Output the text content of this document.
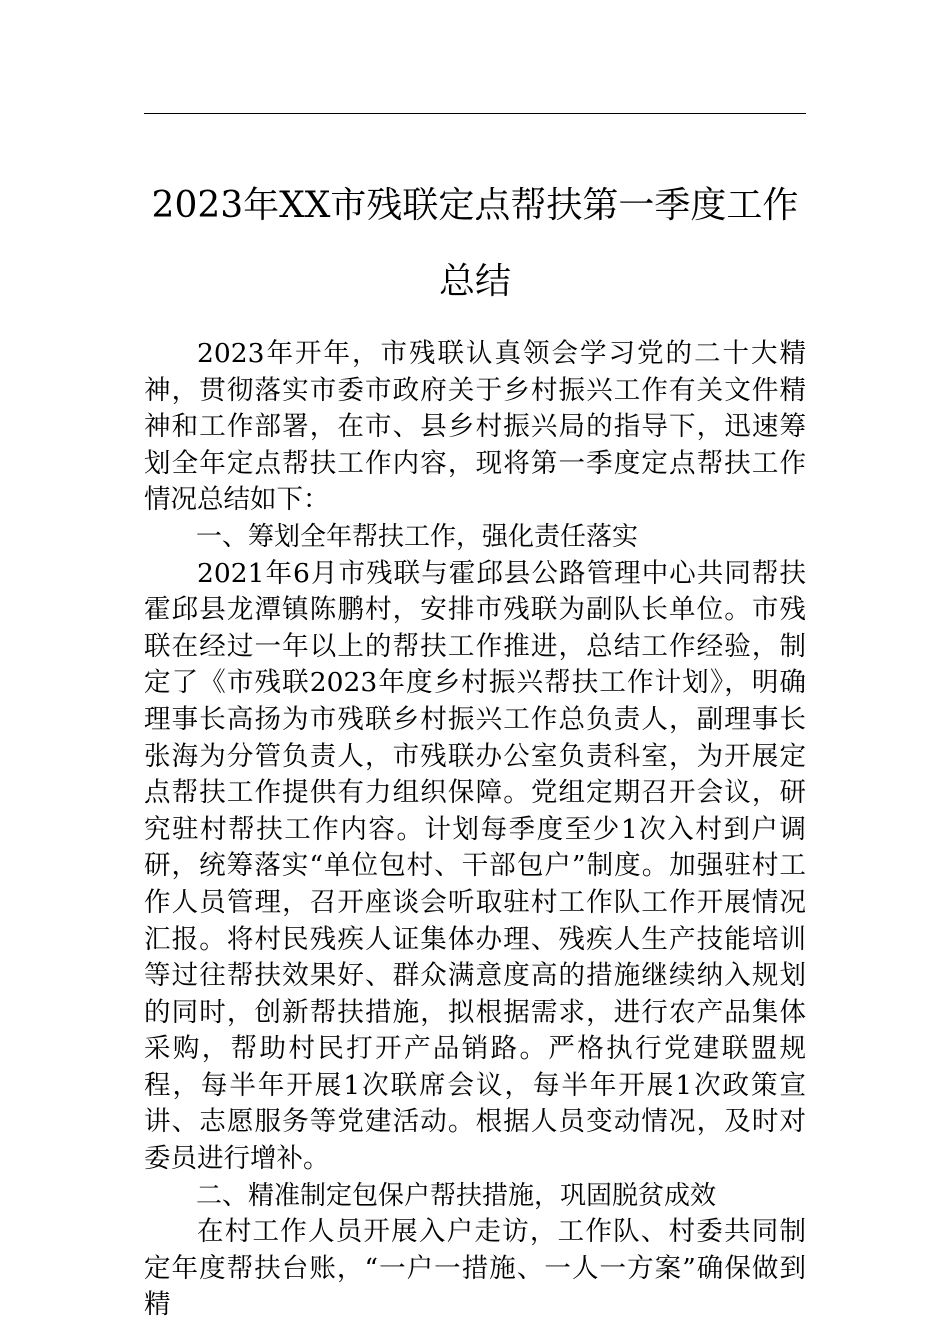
2023年XX市残联定点帮扶第一季度工作
总结

2023年开年，市残联认真领会学习党的二十大精神，贯彻落实市委市政府关于乡村振兴工作有关文件精神和工作部署，在市、县乡村振兴局的指导下，迅速筹划全年定点帮扶工作内容，现将第一季度定点帮扶工作情况总结如下：

一、筹划全年帮扶工作，强化责任落实

2021年6月市残联与霍邱县公路管理中心共同帮扶霍邱县龙潭镇陈鹏村，安排市残联为副队长单位。市残联在经过一年以上的帮扶工作推进，总结工作经验，制定了《市残联2023年度乡村振兴帮扶工作计划》，明确理事长高扬为市残联乡村振兴工作总负责人，副理事长张海为分管负责人，市残联办公室负责科室，为开展定点帮扶工作提供有力组织保障。党组定期召开会议，研究驻村帮扶工作内容。计划每季度至少1次入村到户调研，统筹落实“单位包村、干部包户”制度。加强驻村工作人员管理，召开座谈会听取驻村工作队工作开展情况汇报。将村民残疾人证集体办理、残疾人生产技能培训等过往帮扶效果好、群众满意度高的措施继续纳入规划的同时，创新帮扶措施，拟根据需求，进行农产品集体采购，帮助村民打开产品销路。严格执行党建联盟规程，每半年开展1次联席会议，每半年开展1次政策宣讲、志愿服务等党建活动。根据人员变动情况，及时对委员进行增补。

二、精准制定包保户帮扶措施，巩固脱贫成效

在村工作人员开展入户走访，工作队、村委共同制定年度帮扶台账，“一户一措施、一人一方案”确保做到精
